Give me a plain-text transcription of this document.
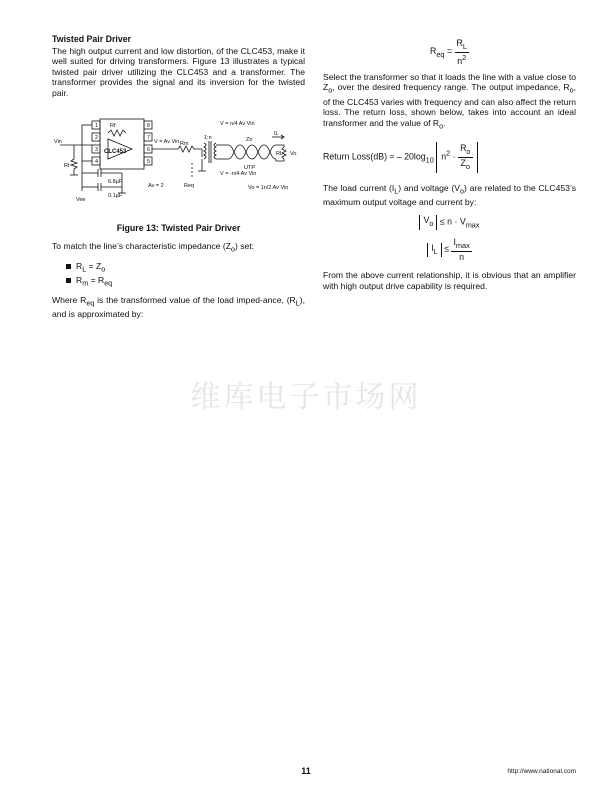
Twisted Pair Driver

The high output current and low distortion, of the CLC453, make it well suited for driving transformers. Figure 13 illustrates a typical twisted pair driver utilizing the CLC453 and a transformer. The transformer provides the signal and its inversion for the twisted pair.

Vin
Rt
Vee
Rf
CLC453
1
2
3
4
8
7
6
5
V = Av Vin
6.8µF
0.1µF
Av = 2
Rm
1:n
Req
V = n/4 Av Vin
V = -n/4 Av Vin
Zo
UTP
IL
RL Vo
Vo = 1n/2 Av Vin
Figure 13: Twisted Pair Driver

To match the line’s characteristic impedance $(Z_o)$ set:

$R_L = Z_o$
$R_m = R_{eq}$

Where $R_{eq}$ is the transformed value of the load imped-ance, $(R_L)$, and is approximated by:

$R_{eq} = \frac{R_L}{n^2}$

Select the transformer so that it loads the line with a value close to $Z_o$, over the desired frequency range. The output impedance, $R_o$, of the CLC453 varies with frequency and can also affect the return loss. The return loss, shown below, takes into account an ideal transformer and the value of $R_o$.

Return Loss(dB) ≈ – $20\log_{10}$ $n^2 \cdot \frac{R_o}{Z_o}$

The load current $(I_L)$ and voltage $(V_o)$ are related to the CLC453’s maximum output voltage and current by:

$V_o \le n \cdot V_{max}$
$I_L \le \frac{I_{max}}{n}$

From the above current relationship, it is obvious that an amplifier with high output drive capability is required.

维库电子市场网
11	http://www.national.com
